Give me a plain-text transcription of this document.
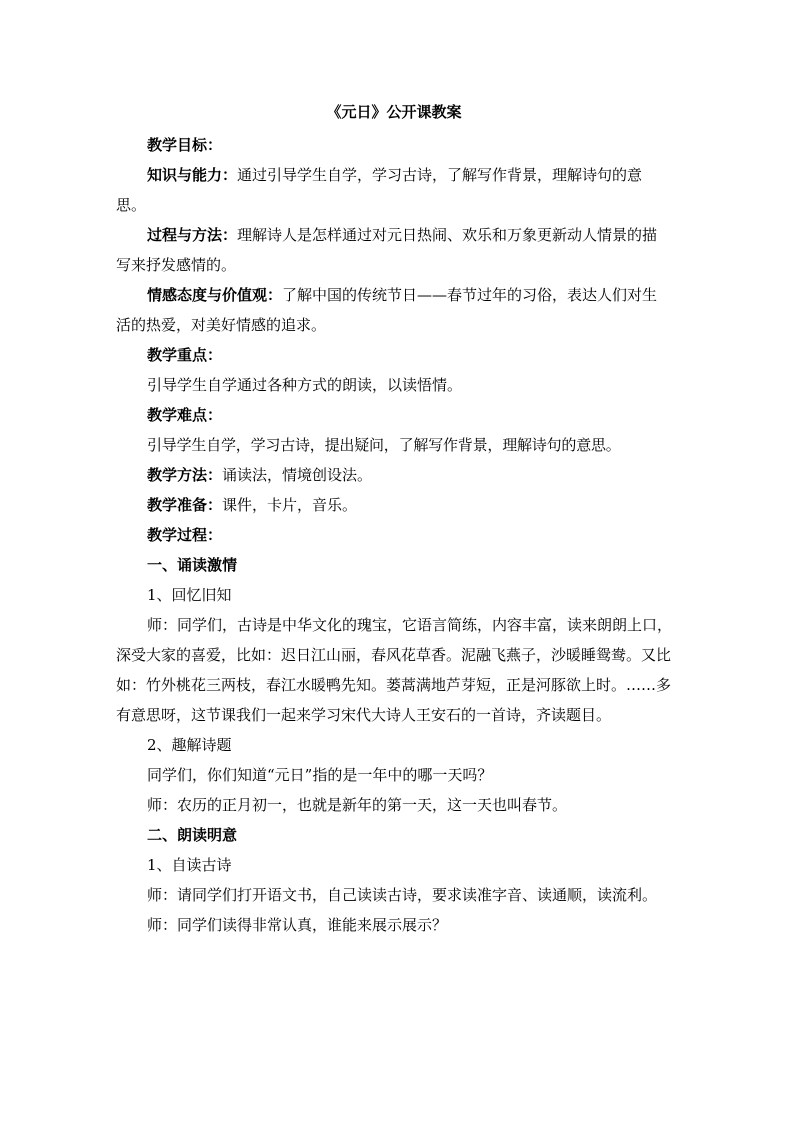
《元日》公开课教案

教学目标：

知识与能力：通过引导学生自学，学习古诗，了解写作背景，理解诗句的意思。

过程与方法：理解诗人是怎样通过对元日热闹、欢乐和万象更新动人情景的描写来抒发感情的。

情感态度与价值观：了解中国的传统节日——春节过年的习俗，表达人们对生活的热爱，对美好情感的追求。

教学重点：

引导学生自学通过各种方式的朗读，以读悟情。

教学难点：

引导学生自学，学习古诗，提出疑问，了解写作背景，理解诗句的意思。

教学方法：诵读法，情境创设法。

教学准备：课件，卡片，音乐。

教学过程：

一、诵读激情

1、回忆旧知

师：同学们，古诗是中华文化的瑰宝，它语言简练，内容丰富，读来朗朗上口，深受大家的喜爱，比如：迟日江山丽，春风花草香。泥融飞燕子，沙暖睡鸳鸯。又比如：竹外桃花三两枝，春江水暖鸭先知。蒌蒿满地芦芽短，正是河豚欲上时。……多有意思呀，这节课我们一起来学习宋代大诗人王安石的一首诗，齐读题目。

2、趣解诗题

同学们，你们知道“元日”指的是一年中的哪一天吗？

师：农历的正月初一，也就是新年的第一天，这一天也叫春节。

二、朗读明意

1、自读古诗

师：请同学们打开语文书，自己读读古诗，要求读准字音、读通顺，读流利。

师：同学们读得非常认真，谁能来展示展示？
